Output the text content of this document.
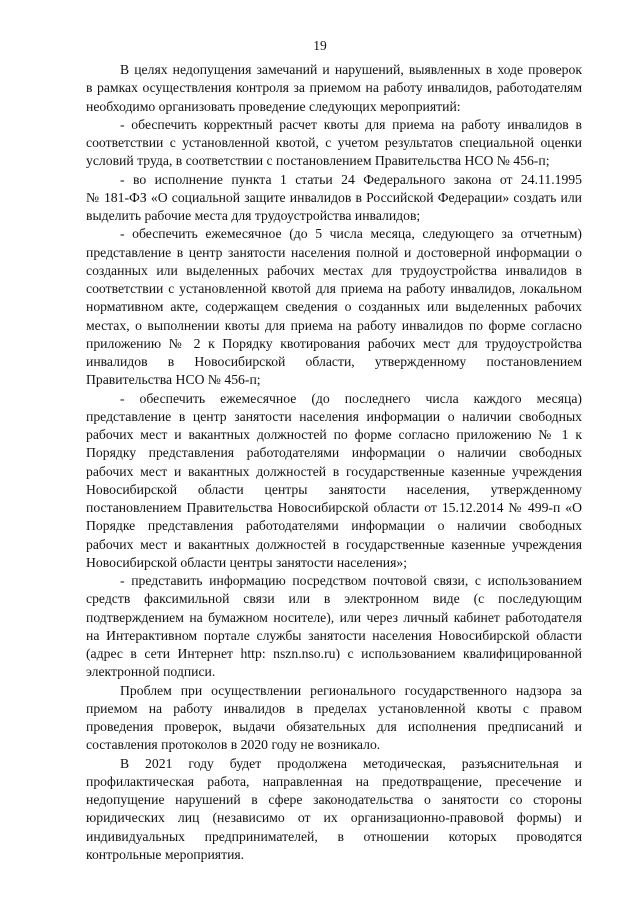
19
В целях недопущения замечаний и нарушений, выявленных в ходе проверок
в рамках осуществления контроля за приемом на работу инвалидов, работодателям
необходимо организовать проведение следующих мероприятий:
- обеспечить корректный расчет квоты для приема на работу инвалидов в
соответствии с установленной квотой, с учетом результатов специальной оценки
условий труда, в соответствии с постановлением Правительства НСО № 456-п;
- во исполнение пункта 1 статьи 24 Федерального закона от 24.11.1995
№ 181-ФЗ «О социальной защите инвалидов в Российской Федерации» создать или
выделить рабочие места для трудоустройства инвалидов;
- обеспечить ежемесячное (до 5 числа месяца, следующего за отчетным)
представление в центр занятости населения полной и достоверной информации о
созданных или выделенных рабочих местах для трудоустройства инвалидов в
соответствии с установленной квотой для приема на работу инвалидов, локальном
нормативном акте, содержащем сведения о созданных или выделенных рабочих
местах, о выполнении квоты для приема на работу инвалидов по форме согласно
приложению № 2 к Порядку квотирования рабочих мест для трудоустройства
инвалидов в Новосибирской области, утвержденному постановлением
Правительства НСО № 456-п;
- обеспечить ежемесячное (до последнего числа каждого месяца)
представление в центр занятости населения информации о наличии свободных
рабочих мест и вакантных должностей по форме согласно приложению № 1 к
Порядку представления работодателями информации о наличии свободных
рабочих мест и вакантных должностей в государственные казенные учреждения
Новосибирской области центры занятости населения, утвержденному
постановлением Правительства Новосибирской области от 15.12.2014 № 499-п «О
Порядке представления работодателями информации о наличии свободных
рабочих мест и вакантных должностей в государственные казенные учреждения
Новосибирской области центры занятости населения»;
- представить информацию посредством почтовой связи, с использованием
средств факсимильной связи или в электронном виде (с последующим
подтверждением на бумажном носителе), или через личный кабинет работодателя
на Интерактивном портале службы занятости населения Новосибирской области
(адрес в сети Интернет http: nszn.nso.ru) с использованием квалифицированной
электронной подписи.
Проблем при осуществлении регионального государственного надзора за
приемом на работу инвалидов в пределах установленной квоты с правом
проведения проверок, выдачи обязательных для исполнения предписаний и
составления протоколов в 2020 году не возникало.
В 2021 году будет продолжена методическая, разъяснительная и
профилактическая работа, направленная на предотвращение, пресечение и
недопущение нарушений в сфере законодательства о занятости со стороны
юридических лиц (независимо от их организационно-правовой формы) и
индивидуальных предпринимателей, в отношении которых проводятся
контрольные мероприятия.
